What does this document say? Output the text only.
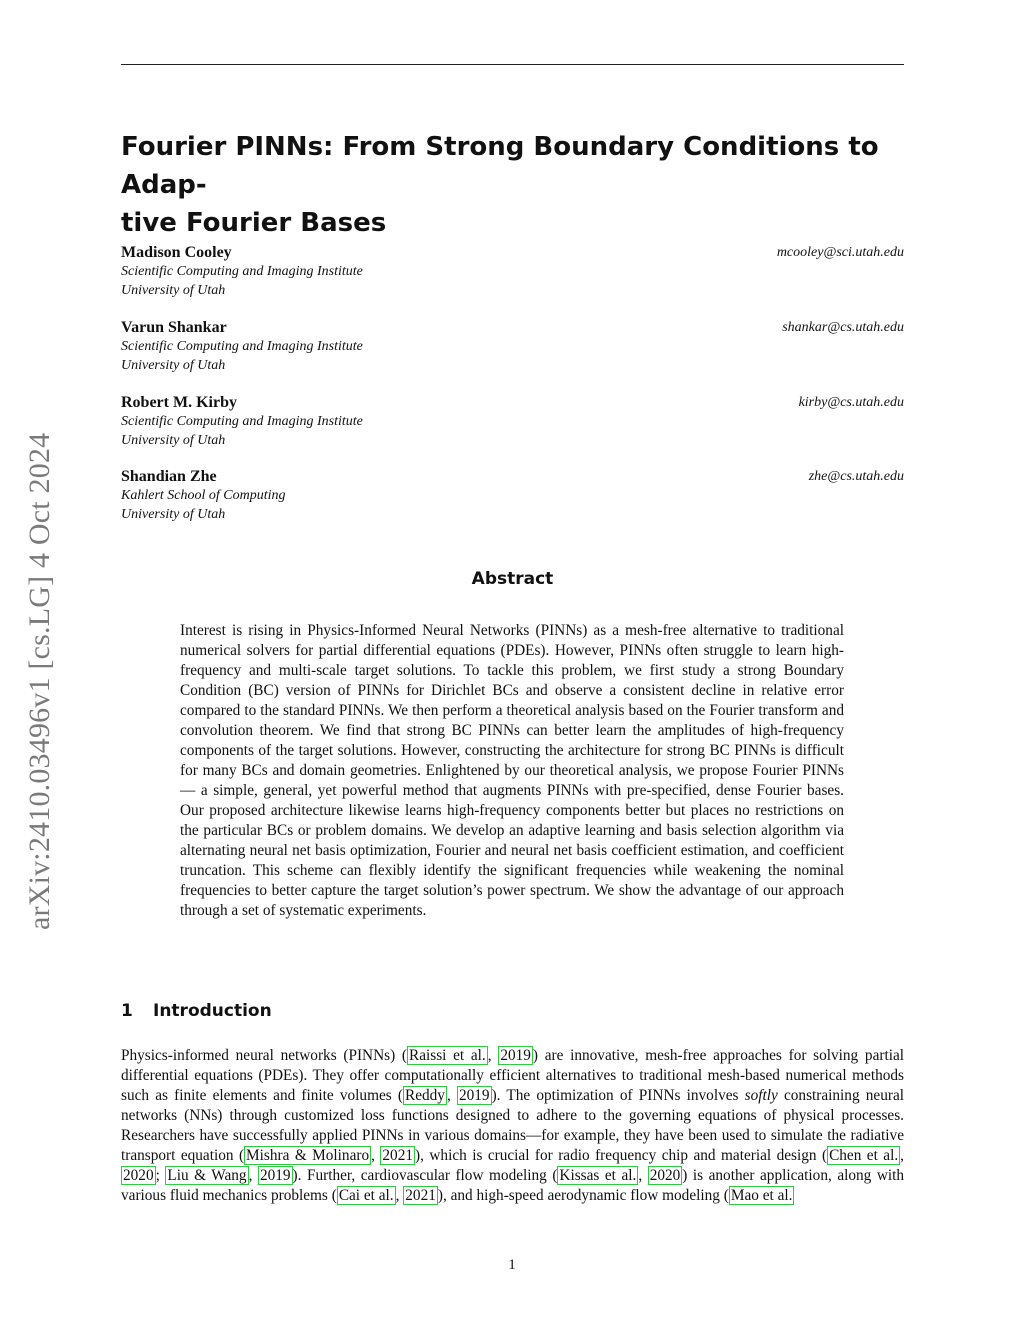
Fourier PINNs: From Strong Boundary Conditions to Adap-
tive Fourier Bases
Madison Cooley
Scientific Computing and Imaging Institute
University of Utah
mcooley@sci.utah.edu
Varun Shankar
Scientific Computing and Imaging Institute
University of Utah
shankar@cs.utah.edu
Robert M. Kirby
Scientific Computing and Imaging Institute
University of Utah
kirby@cs.utah.edu
Shandian Zhe
Kahlert School of Computing
University of Utah
zhe@cs.utah.edu
arXiv:2410.03496v1 [cs.LG] 4 Oct 2024	Abstract

Interest is rising in Physics-Informed Neural Networks (PINNs) as a mesh-free alternative to traditional numerical solvers for partial differential equations (PDEs). However, PINNs often struggle to learn high-frequency and multi-scale target solutions. To tackle this problem, we first study a strong Boundary Condition (BC) version of PINNs for Dirichlet BCs and observe a consistent decline in relative error compared to the standard PINNs. We then perform a theoretical analysis based on the Fourier transform and convolution theorem. We find that strong BC PINNs can better learn the amplitudes of high-frequency components of the target solutions. However, constructing the architecture for strong BC PINNs is difficult for many BCs and domain geometries. Enlightened by our theoretical analysis, we propose Fourier PINNs — a simple, general, yet powerful method that augments PINNs with pre-specified, dense Fourier bases. Our proposed architecture likewise learns high-frequency components better but places no restrictions on the particular BCs or problem domains. We develop an adaptive learning and basis selection algorithm via alternating neural net basis optimization, Fourier and neural net basis coefficient estimation, and coefficient truncation. This scheme can flexibly identify the significant frequencies while weakening the nominal frequencies to better capture the target solution’s power spectrum. We show the advantage of our approach through a set of systematic experiments.

1 Introduction

Physics-informed neural networks (PINNs) ( Raissi et al. , 2019 ) are innovative, mesh-free approaches for solving partial differential equations (PDEs). They offer computationally efficient alternatives to traditional mesh-based numerical methods such as finite elements and finite volumes ( Reddy , 2019 ). The optimization of PINNs involves softly constraining neural networks (NNs) through customized loss functions designed to adhere to the governing equations of physical processes. Researchers have successfully applied PINNs in various domains—for example, they have been used to simulate the radiative transport equation ( Mishra & Molinaro , 2021 ), which is crucial for radio frequency chip and material design ( Chen et al. , 2020 ; Liu & Wang , 2019 ). Further, cardiovascular flow modeling ( Kissas et al. , 2020 ) is another application, along with various fluid mechanics problems ( Cai et al. , 2021 ), and high-speed aerodynamic flow modeling ( Mao et al.

1
